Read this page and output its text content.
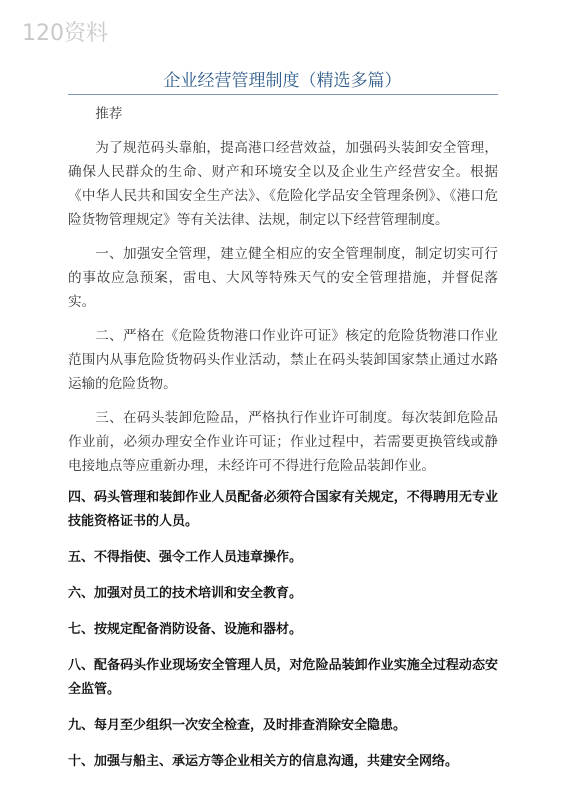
120资料
企业经营管理制度（精选多篇）

推荐

为了规范码头靠舶，提高港口经营效益，加强码头装卸安全管理，确保人民群众的生命、财产和环境安全以及企业生产经营安全。根据《中华人民共和国安全生产法》、《危险化学品安全管理条例》、《港口危险货物管理规定》等有关法律、法规，制定以下经营管理制度。

一、加强安全管理，建立健全相应的安全管理制度，制定切实可行的事故应急预案，雷电、大风等特殊天气的安全管理措施，并督促落实。

二、严格在《危险货物港口作业许可证》核定的危险货物港口作业范围内从事危险货物码头作业活动，禁止在码头装卸国家禁止通过水路运输的危险货物。

三、在码头装卸危险品，严格执行作业许可制度。每次装卸危险品作业前，必须办理安全作业许可证；作业过程中，若需要更换管线或静电接地点等应重新办理，未经许可不得进行危险品装卸作业。

四、码头管理和装卸作业人员配备必须符合国家有关规定，不得聘用无专业技能资格证书的人员。

五、不得指使、强令工作人员违章操作。

六、加强对员工的技术培训和安全教育。

七、按规定配备消防设备、设施和器材。

八、配备码头作业现场安全管理人员，对危险品装卸作业实施全过程动态安全监管。

九、每月至少组织一次安全检查，及时排查消除安全隐患。

十、加强与船主、承运方等企业相关方的信息沟通，共建安全网络。
